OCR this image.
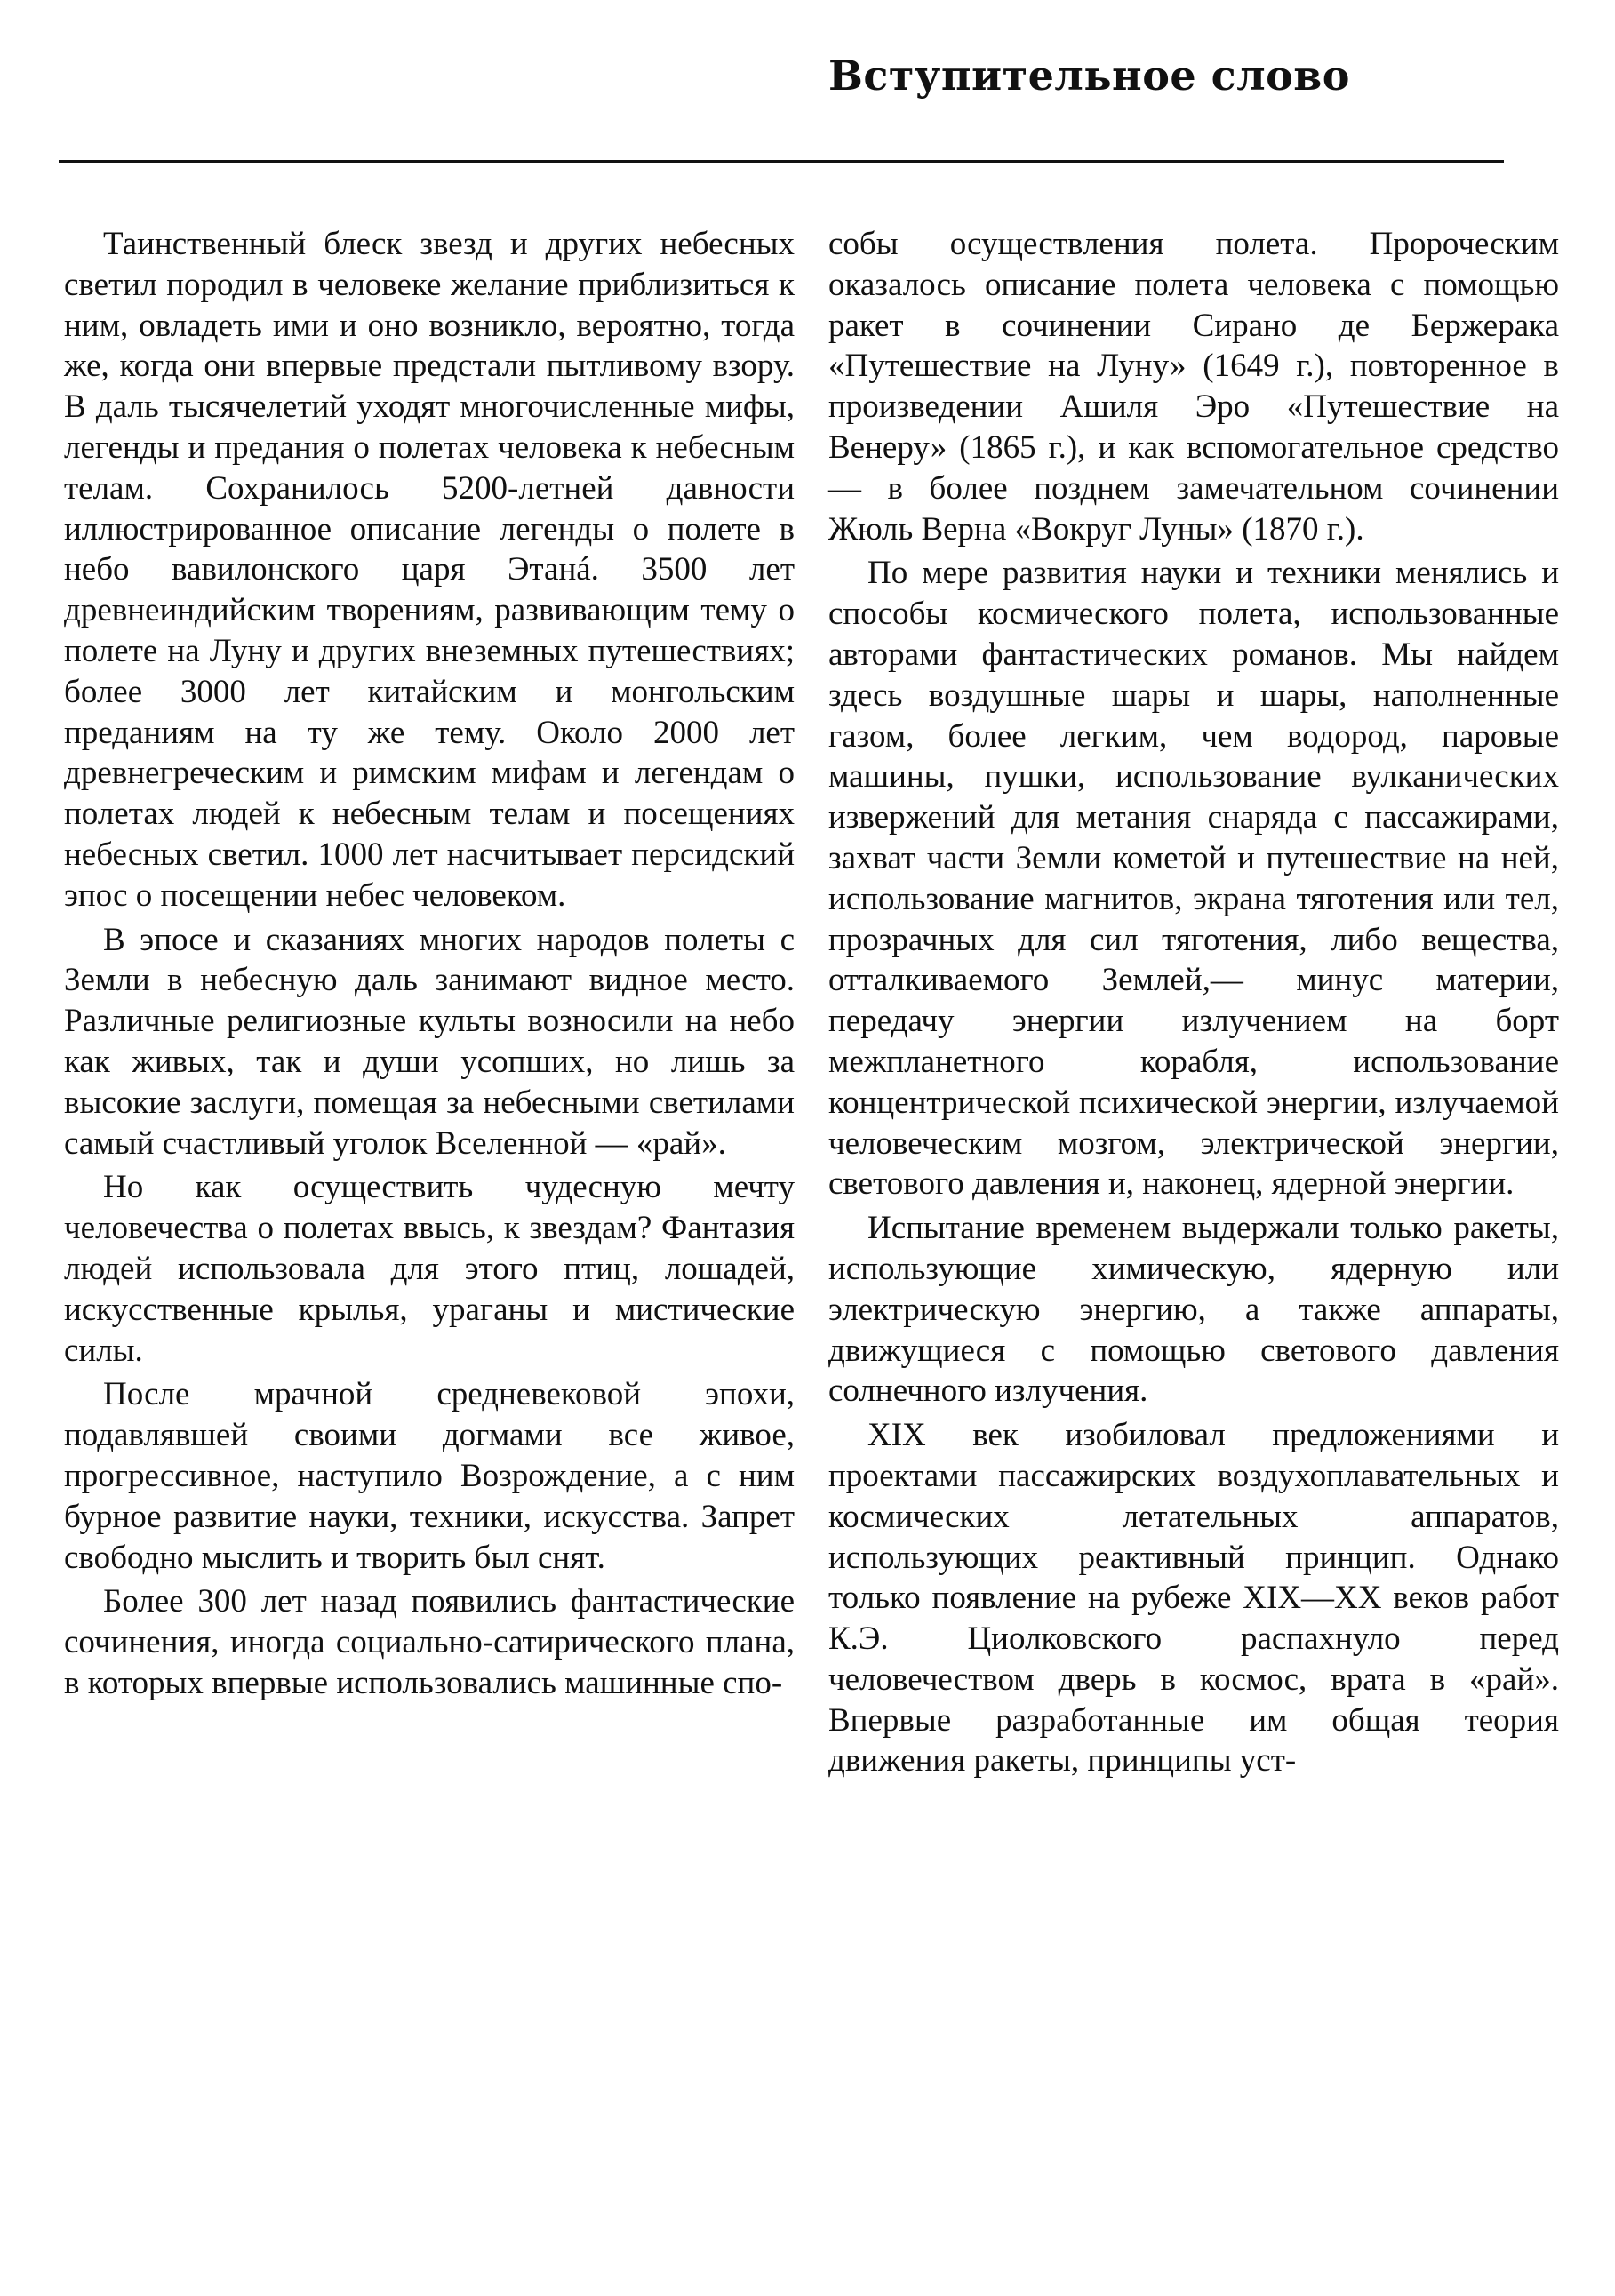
Вступительное слово

Таинственный блеск звезд и других небесных светил породил в человеке желание приблизиться к ним, овладеть ими и оно возникло, вероятно, тогда же, когда они впервые предстали пытливому взору. В даль тысячелетий уходят многочисленные мифы, легенды и предания о полетах человека к небесным телам. Сохранилось 5200-летней давности иллюстрированное описание легенды о полете в небо вавилонского царя Этанá. 3500 лет древнеиндийским творениям, развивающим тему о полете на Луну и других внеземных путешествиях; более 3000 лет китайским и монгольским преданиям на ту же тему. Около 2000 лет древнегреческим и римским мифам и легендам о полетах людей к небесным телам и посещениях небесных светил. 1000 лет насчитывает персидский эпос о посещении небес человеком.

В эпосе и сказаниях многих народов полеты с Земли в небесную даль занимают видное место. Различные религиозные культы возносили на небо как живых, так и души усопших, но лишь за высокие заслуги, помещая за небесными светилами самый счастливый уголок Вселенной — «рай».

Но как осуществить чудесную мечту человечества о полетах ввысь, к звездам? Фантазия людей использовала для этого птиц, лошадей, искусственные крылья, ураганы и мистические силы.

После мрачной средневековой эпохи, подавлявшей своими догмами все живое, прогрессивное, наступило Возрождение, а с ним бурное развитие науки, техники, искусства. Запрет свободно мыслить и творить был снят.

Более 300 лет назад появились фантастические сочинения, иногда социально-сатирического плана, в которых впервые использовались машинные спо-

собы осуществления полета. Пророческим оказалось описание полета человека с помощью ракет в сочинении Сирано де Бержерака «Путешествие на Луну» (1649 г.), повторенное в произведении Ашиля Эро «Путешествие на Венеру» (1865 г.), и как вспомогательное средство — в более позднем замечательном сочинении Жюль Верна «Вокруг Луны» (1870 г.).

По мере развития науки и техники менялись и способы космического полета, использованные авторами фантастических романов. Мы найдем здесь воздушные шары и шары, наполненные газом, более легким, чем водород, паровые машины, пушки, использование вулканических извержений для метания снаряда с пассажирами, захват части Земли кометой и путешествие на ней, использование магнитов, экрана тяготения или тел, прозрачных для сил тяготения, либо вещества, отталкиваемого Землей,— минус материи, передачу энергии излучением на борт межпланетного корабля, использование концентрической психической энергии, излучаемой человеческим мозгом, электрической энергии, светового давления и, наконец, ядерной энергии.

Испытание временем выдержали только ракеты, использующие химическую, ядерную или электрическую энергию, а также аппараты, движущиеся с помощью светового давления солнечного излучения.

XIX век изобиловал предложениями и проектами пассажирских воздухоплавательных и космических летательных аппаратов, использующих реактивный принцип. Однако только появление на рубеже XIX—XX веков работ К.Э. Циолковского распахнуло перед человечеством дверь в космос, врата в «рай». Впервые разработанные им общая теория движения ракеты, принципы уст-
